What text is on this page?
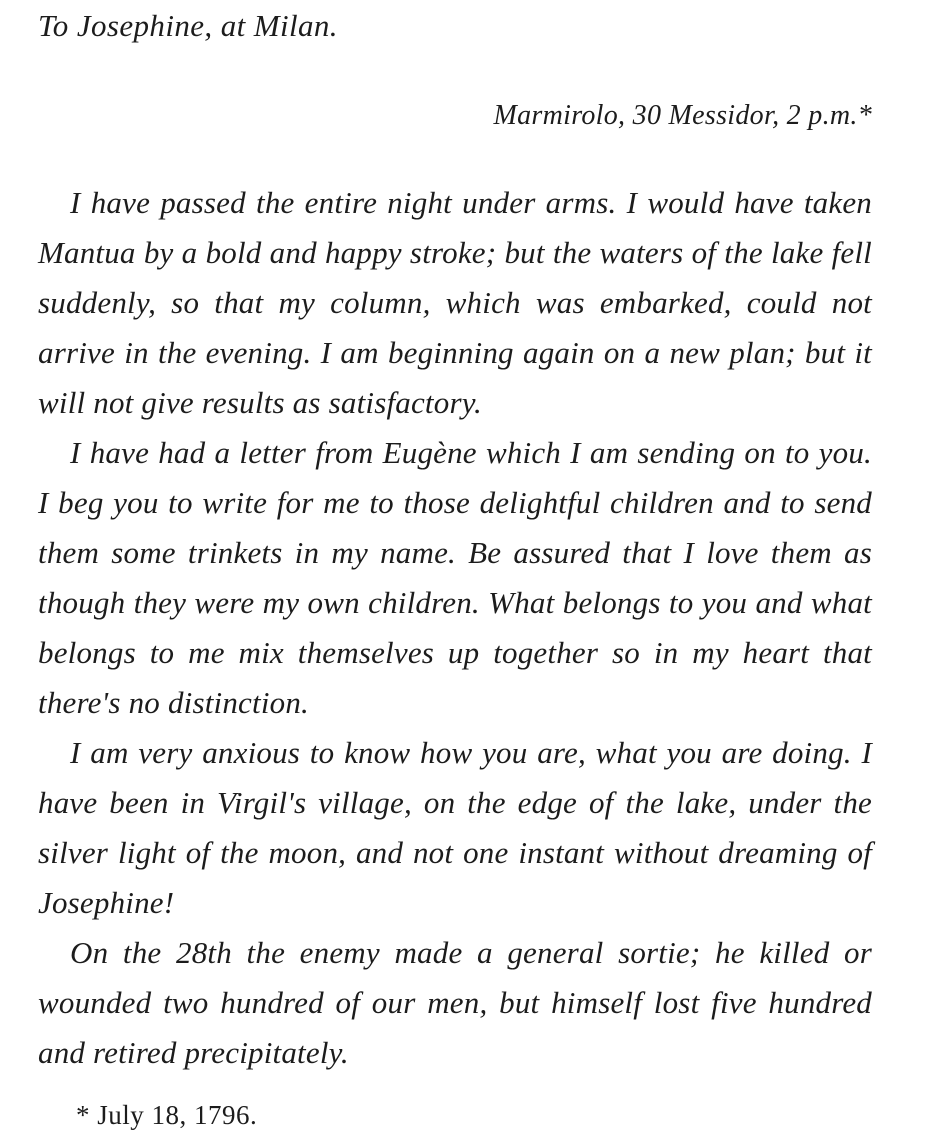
To Josephine, at Milan.
Marmirolo, 30 Messidor, 2 p.m.*

I have passed the entire night under arms. I would have taken Mantua by a bold and happy stroke; but the waters of the lake fell suddenly, so that my column, which was embarked, could not arrive in the evening. I am beginning again on a new plan; but it will not give results as satisfactory.

I have had a letter from Eugène which I am sending on to you. I beg you to write for me to those delightful children and to send them some trinkets in my name. Be assured that I love them as though they were my own children. What belongs to you and what belongs to me mix themselves up together so in my heart that there's no distinction.

I am very anxious to know how you are, what you are doing. I have been in Virgil's village, on the edge of the lake, under the silver light of the moon, and not one instant without dreaming of Josephine!

On the 28th the enemy made a general sortie; he killed or wounded two hundred of our men, but himself lost five hundred and retired precipitately.

* July 18, 1796.
